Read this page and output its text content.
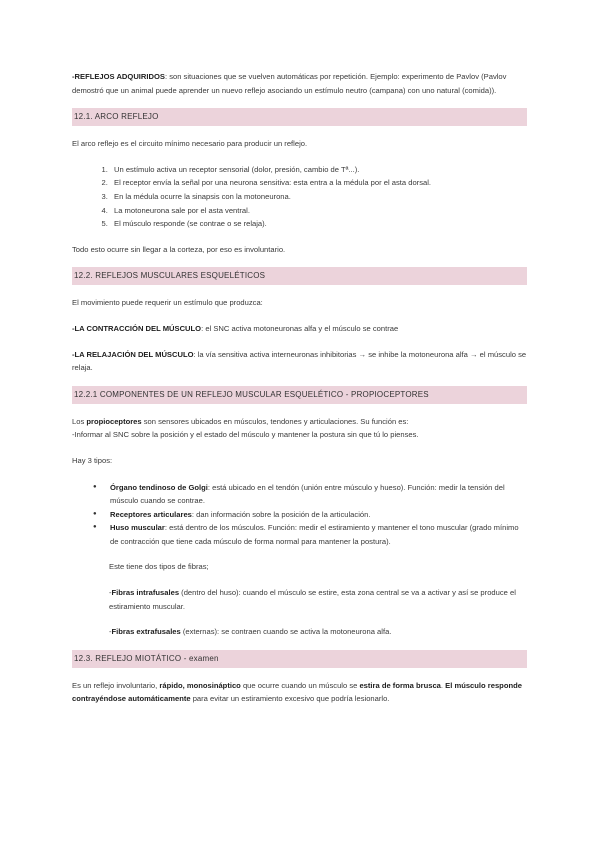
-REFLEJOS ADQUIRIDOS: son situaciones que se vuelven automáticas por repetición. Ejemplo: experimento de Pavlov (Pavlov demostró que un animal puede aprender un nuevo reflejo asociando un estímulo neutro (campana) con uno natural (comida)).

12.1. ARCO REFLEJO

El arco reflejo es el circuito mínimo necesario para producir un reflejo.

1. Un estímulo activa un receptor sensorial (dolor, presión, cambio de Tª...).
2. El receptor envía la señal por una neurona sensitiva: esta entra a la médula por el asta dorsal.
3. En la médula ocurre la sinapsis con la motoneurona.
4. La motoneurona sale por el asta ventral.
5. El músculo responde (se contrae o se relaja).

Todo esto ocurre sin llegar a la corteza, por eso es involuntario.

12.2. REFLEJOS MUSCULARES ESQUELÉTICOS

El movimiento puede requerir un estímulo que produzca:

-LA CONTRACCIÓN DEL MÚSCULO: el SNC activa motoneuronas alfa y el músculo se contrae

-LA RELAJACIÓN DEL MÚSCULO: la vía sensitiva activa interneuronas inhibitorias → se inhibe la motoneurona alfa → el músculo se relaja.

12.2.1 COMPONENTES DE UN REFLEJO MUSCULAR ESQUELÉTICO - PROPIOCEPTORES

Los propioceptores son sensores ubicados en músculos, tendones y articulaciones. Su función es:

-Informar al SNC sobre la posición y el estado del músculo y mantener la postura sin que tú lo pienses.

Hay 3 tipos:

● Órgano tendinoso de Golgi: está ubicado en el tendón (unión entre músculo y hueso). Función: medir la tensión del músculo cuando se contrae.
● Receptores articulares: dan información sobre la posición de la articulación.
● Huso muscular: está dentro de los músculos. Función: medir el estiramiento y mantener el tono muscular (grado mínimo de contracción que tiene cada músculo de forma normal para mantener la postura).

Este tiene dos tipos de fibras;

-Fibras intrafusales (dentro del huso): cuando el músculo se estire, esta zona central se va a activar y así se produce el estiramiento muscular.

-Fibras extrafusales (externas): se contraen cuando se activa la motoneurona alfa.

12.3. REFLEJO MIOTÁTICO - examen

Es un reflejo involuntario, rápido, monosináptico que ocurre cuando un músculo se estira de forma brusca. El músculo responde contrayéndose automáticamente para evitar un estiramiento excesivo que podría lesionarlo.
